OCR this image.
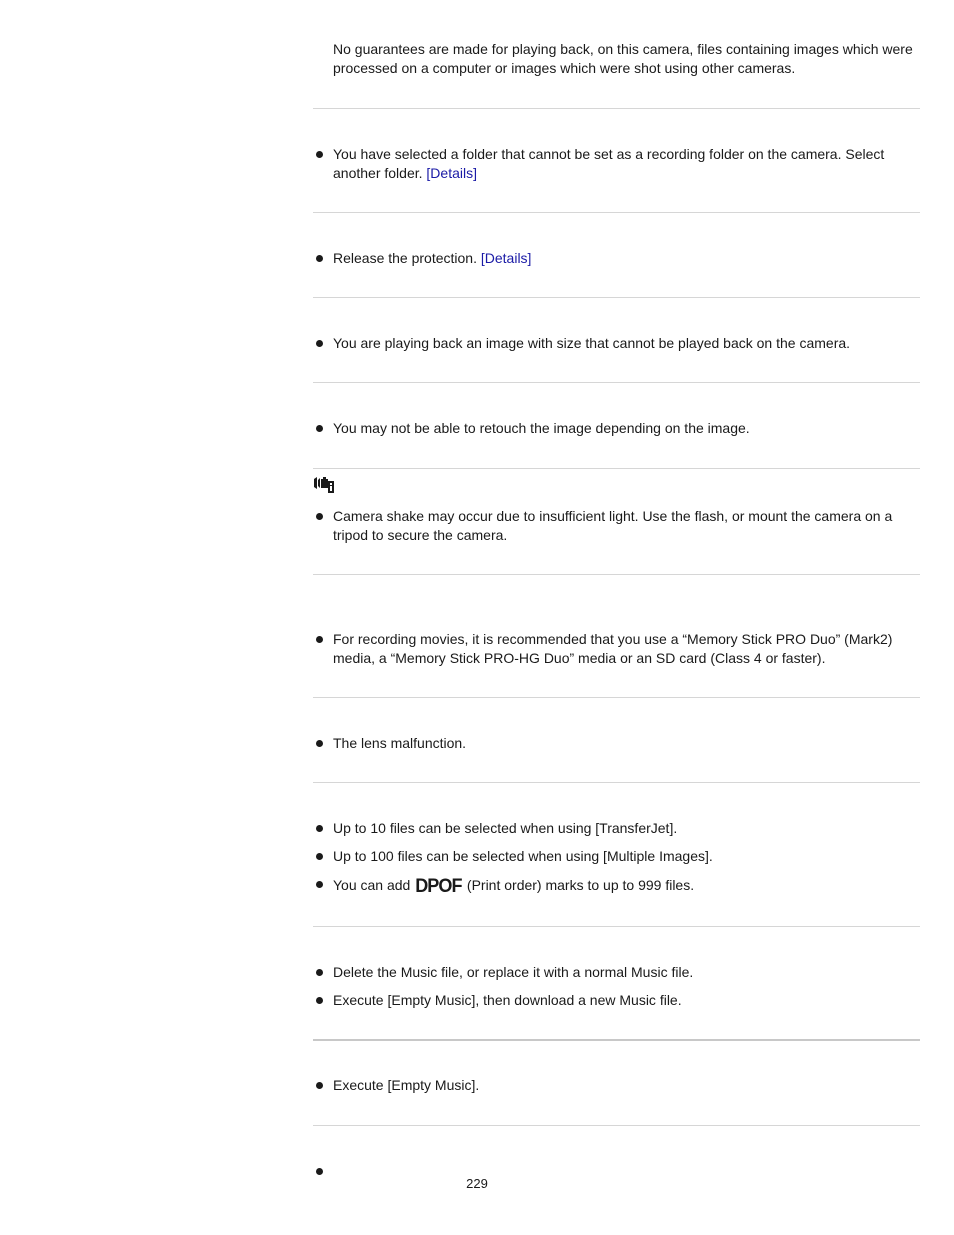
No guarantees are made for playing back, on this camera, files containing images which were processed on a computer or images which were shot using other cameras.

You have selected a folder that cannot be set as a recording folder on the camera. Select another folder. [Details]
Release the protection. [Details]
You are playing back an image with size that cannot be played back on the camera.
You may not be able to retouch the image depending on the image.
Camera shake may occur due to insufficient light. Use the flash, or mount the camera on a tripod to secure the camera.
For recording movies, it is recommended that you use a “Memory Stick PRO Duo” (Mark2) media, a “Memory Stick PRO-HG Duo” media or an SD card (Class 4 or faster).
The lens malfunction.
Up to 10 files can be selected when using [TransferJet].
Up to 100 files can be selected when using [Multiple Images].
You can add DPOF (Print order) marks to up to 999 files.
Delete the Music file, or replace it with a normal Music file.
Execute [Empty Music], then download a new Music file.
Execute [Empty Music].
229
